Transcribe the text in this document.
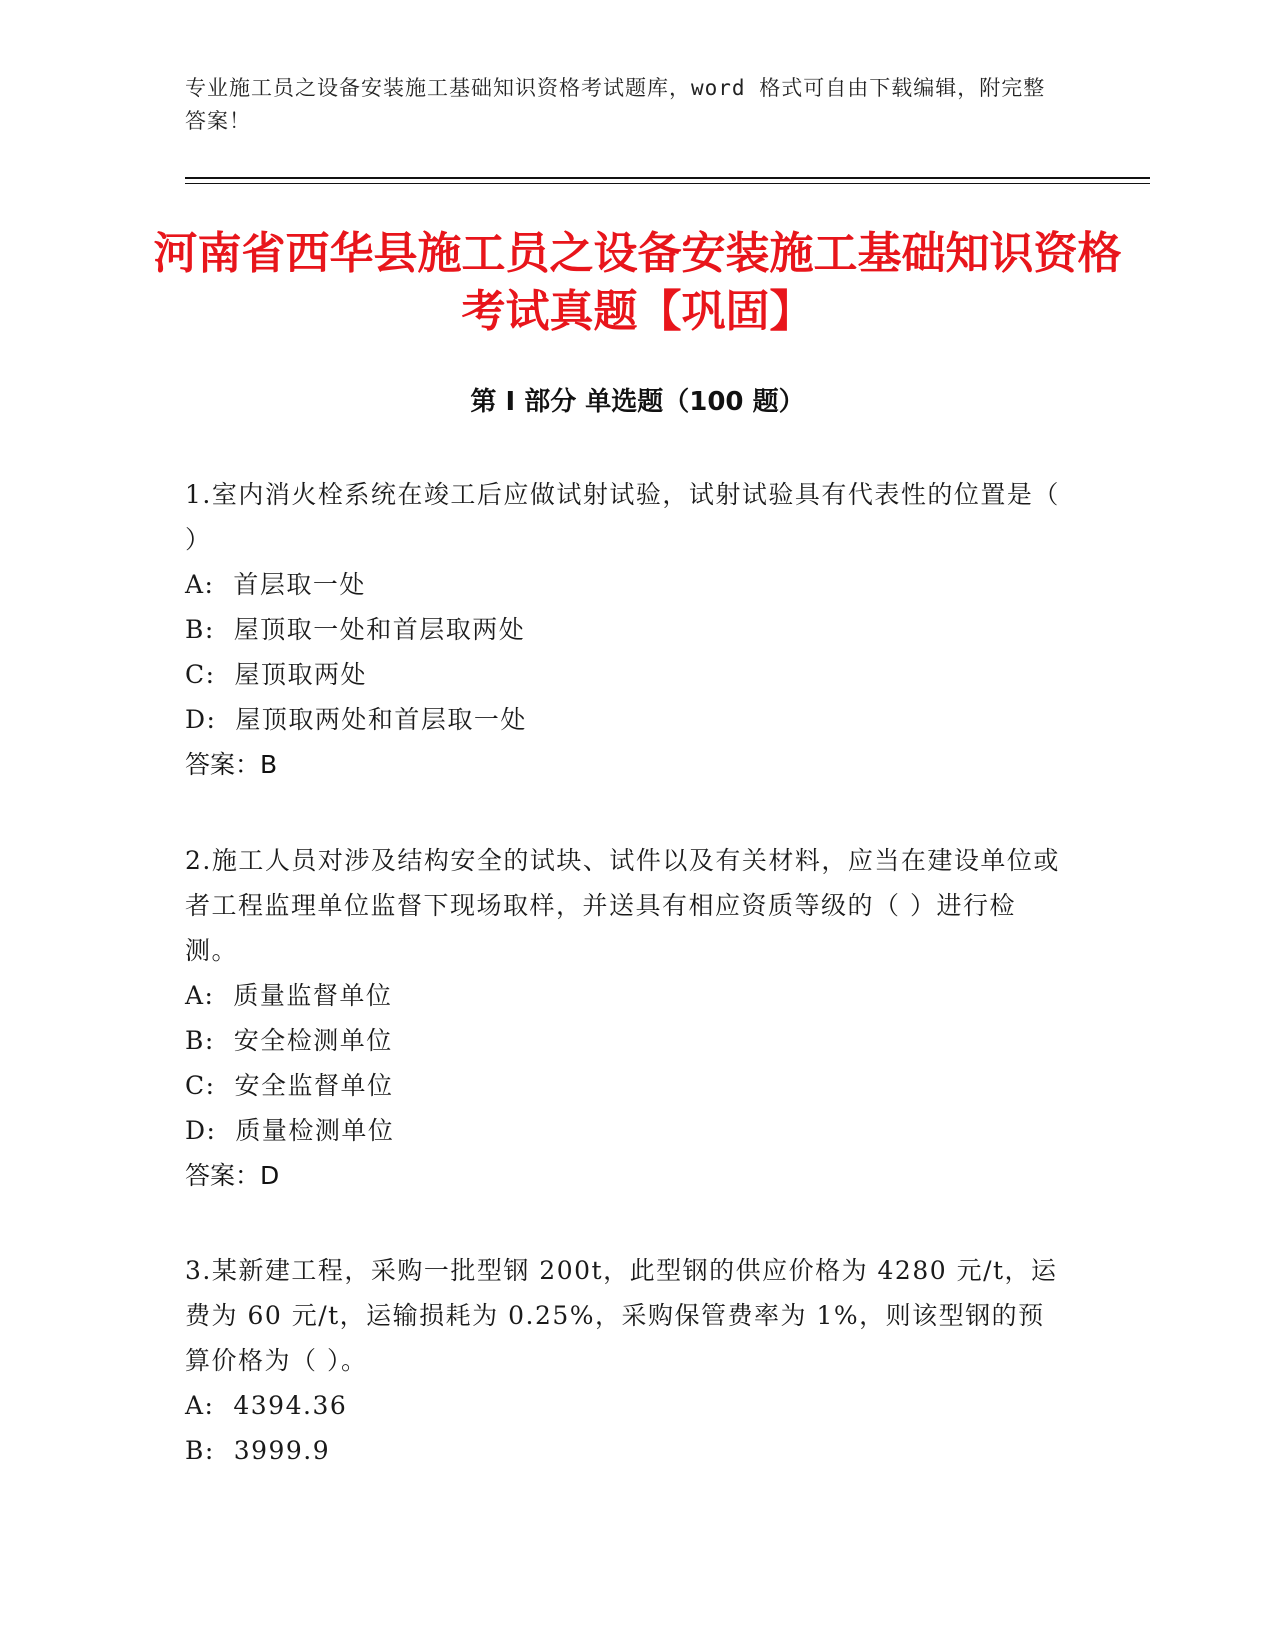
专业施工员之设备安装施工基础知识资格考试题库，word 格式可自由下载编辑，附完整答案！
河南省西华县施工员之设备安装施工基础知识资格考试真题【巩固】
第 I 部分 单选题（100 题）

1.室内消火栓系统在竣工后应做试射试验，试射试验具有代表性的位置是（ ）

A:  首层取一处

B:  屋顶取一处和首层取两处

C:  屋顶取两处

D:  屋顶取两处和首层取一处

答案：B

2.施工人员对涉及结构安全的试块、试件以及有关材料，应当在建设单位或者工程监理单位监督下现场取样，并送具有相应资质等级的（ ）进行检测。

A:  质量监督单位

B:  安全检测单位

C:  安全监督单位

D:  质量检测单位

答案：D

3.某新建工程，采购一批型钢 200t，此型钢的供应价格为 4280 元/t，运费为 60 元/t，运输损耗为 0.25%，采购保管费率为 1%，则该型钢的预算价格为（ ）。

A:  4394.36

B:  3999.9
